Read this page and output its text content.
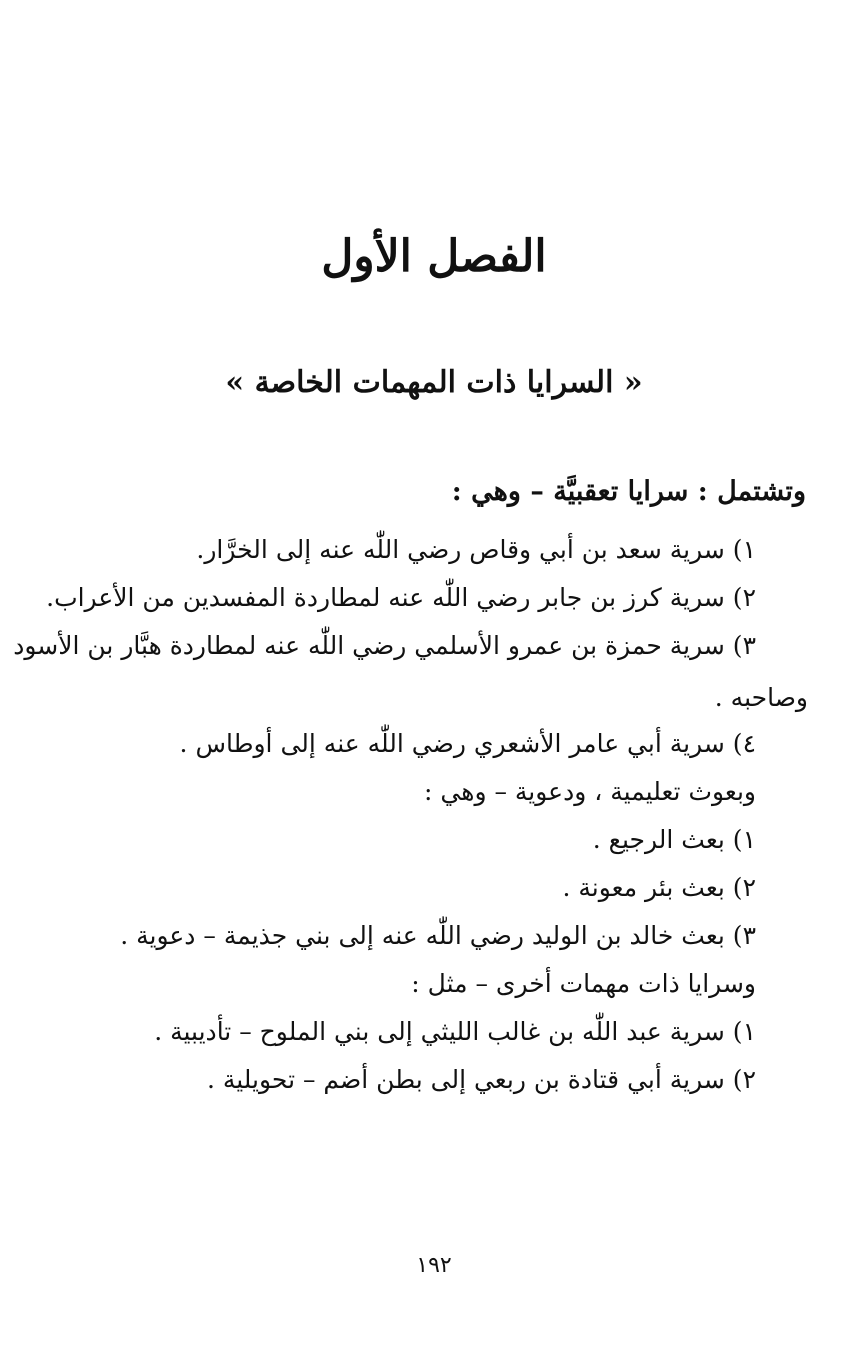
الفصل الأول
« السرايا ذات المهمات الخاصة »
وتشتمل : سرايا تعقبيَّة – وهي :
١) سرية سعد بن أبي وقاص رضي اللّٰه عنه إلى الخرَّار.
٢) سرية كرز بن جابر رضي اللّٰه عنه لمطاردة المفسدين من الأعراب.
٣) سرية حمزة بن عمرو الأسلمي رضي اللّٰه عنه لمطاردة هبَّار بن الأسود
وصاحبه .
٤) سرية أبي عامر الأشعري رضي اللّٰه عنه إلى أوطاس .
وبعوث تعليمية ، ودعوية – وهي :
١) بعث الرجيع .
٢) بعث بئر معونة .
٣) بعث خالد بن الوليد رضي اللّٰه عنه إلى بني جذيمة – دعوية .
وسرايا ذات مهمات أخرى – مثل :
١) سرية عبد اللّٰه بن غالب الليثي إلى بني الملوح – تأديبية .
٢) سرية أبي قتادة بن ربعي إلى بطن أضم – تحويلية .
١٩٢
